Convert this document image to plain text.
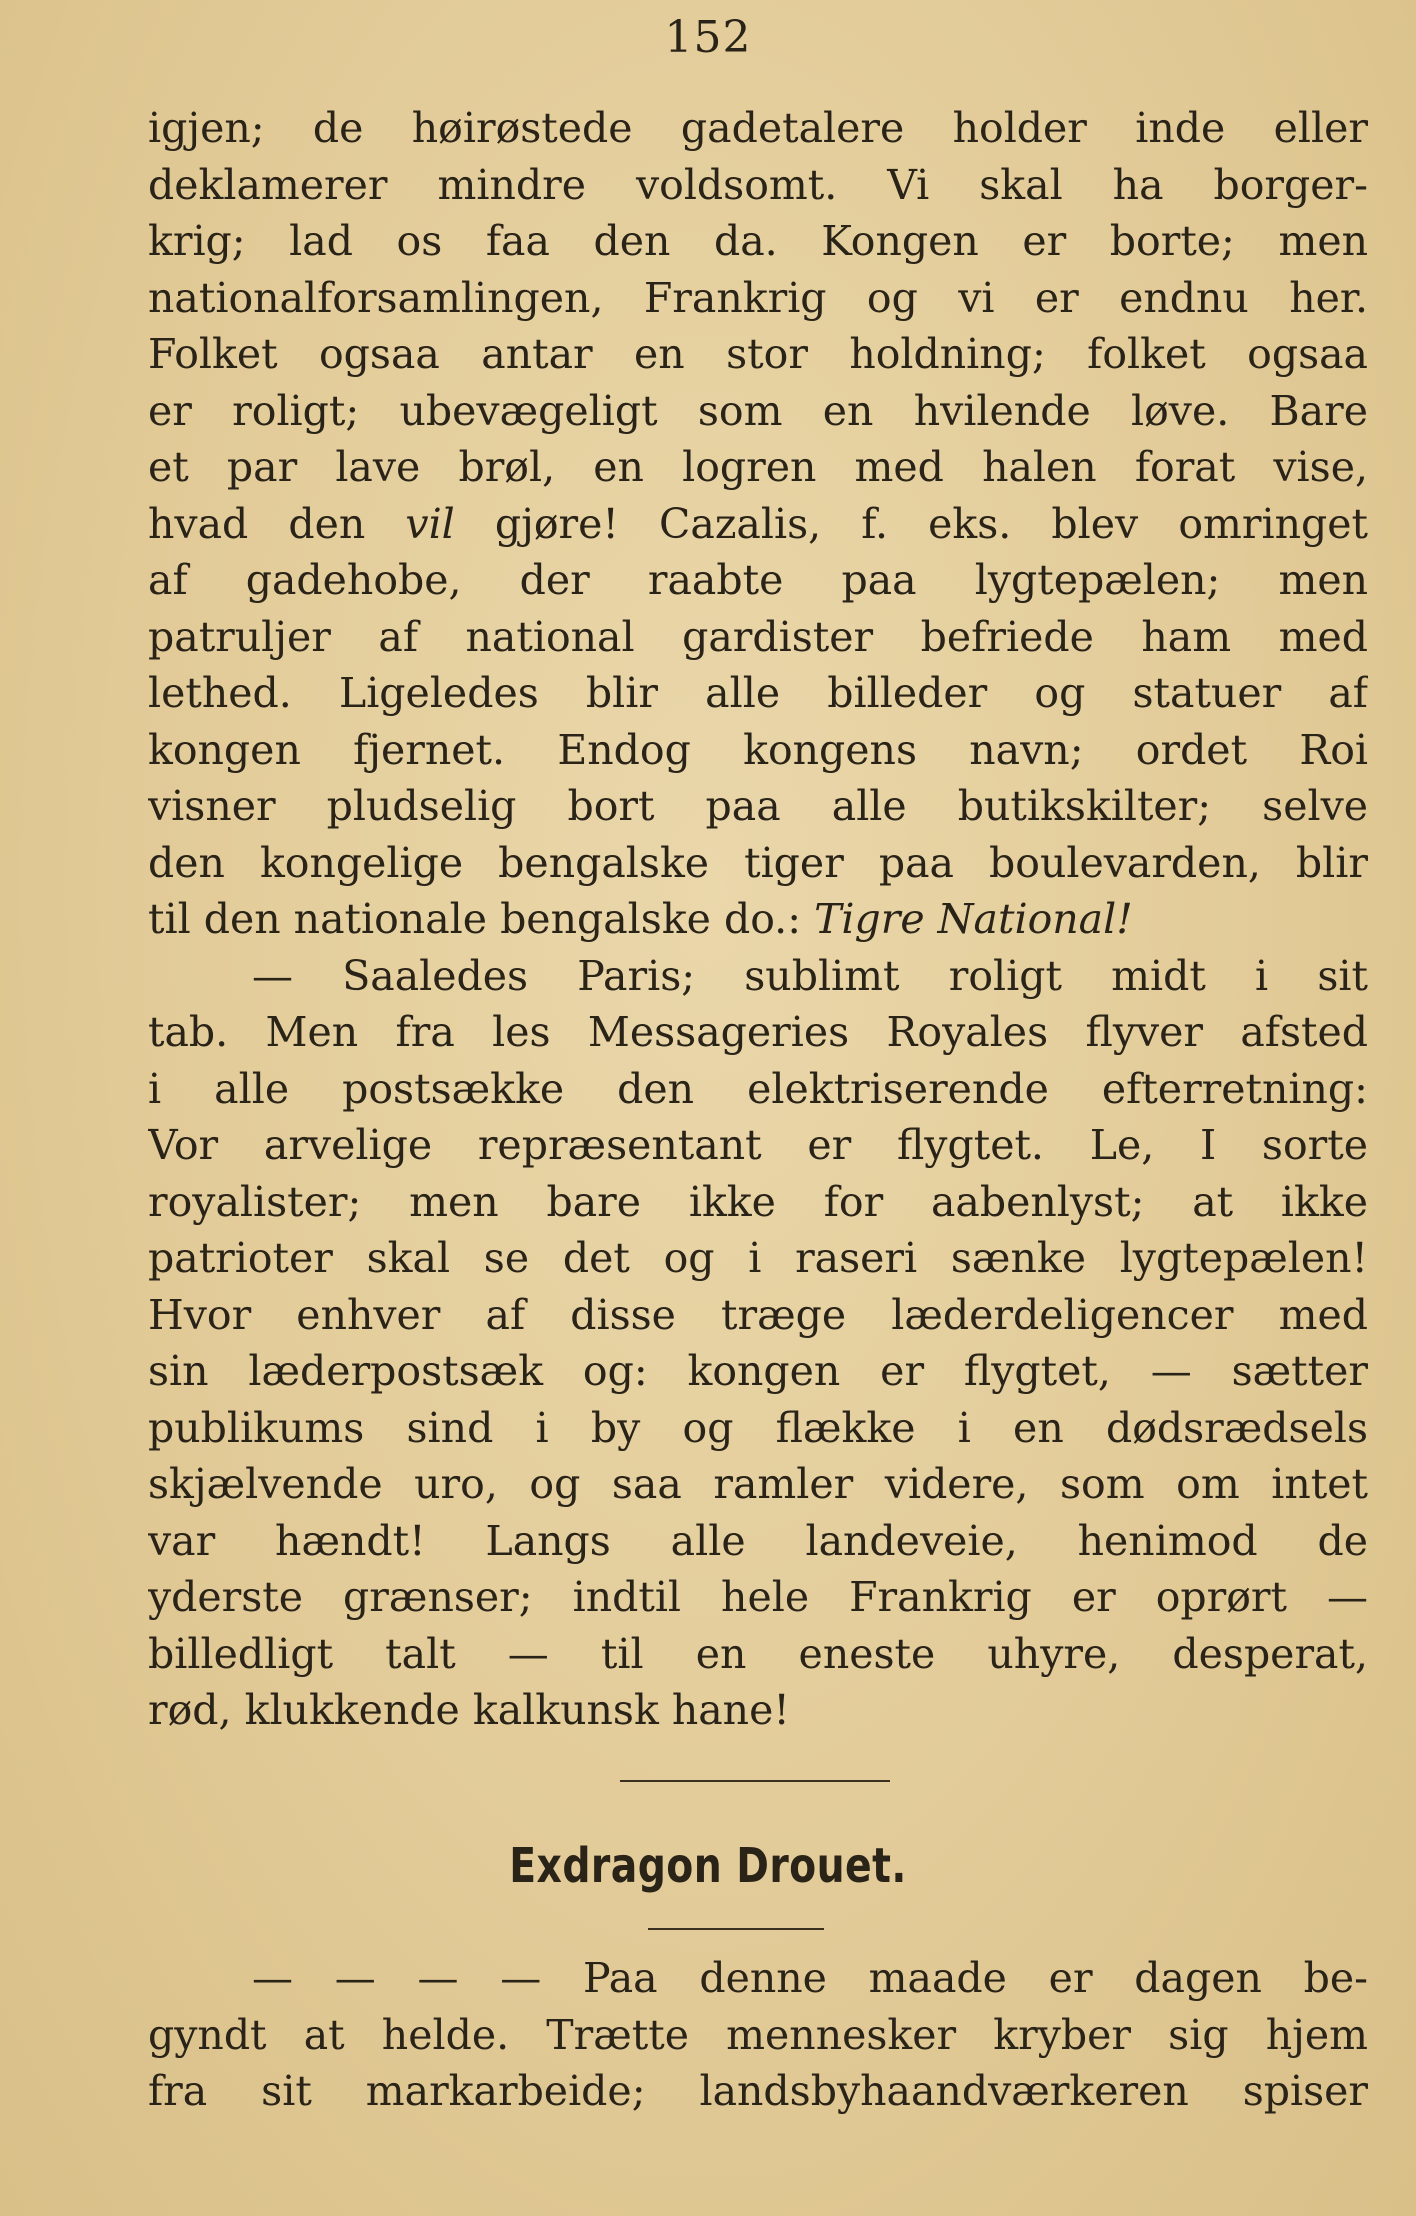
152
igjen; de høirøstede gadetalere holder inde eller
deklamerer mindre voldsomt. Vi skal ha borger-
krig; lad os faa den da. Kongen er borte; men
nationalforsamlingen, Frankrig og vi er endnu her.
Folket ogsaa antar en stor holdning; folket ogsaa
er roligt; ubevægeligt som en hvilende løve. Bare
et par lave brøl, en logren med halen forat vise,
hvad den vil gjøre! Cazalis, f. eks. blev omringet
af gadehobe, der raabte paa lygtepælen; men
patruljer af national gardister befriede ham med
lethed. Ligeledes blir alle billeder og statuer af
kongen fjernet. Endog kongens navn; ordet Roi
visner pludselig bort paa alle butikskilter; selve
den kongelige bengalske tiger paa boulevarden, blir
til den nationale bengalske do.: Tigre National!
— Saaledes Paris; sublimt roligt midt i sit
tab. Men fra les Messageries Royales flyver afsted
i alle postsække den elektriserende efterretning:
Vor arvelige repræsentant er flygtet. Le, I sorte
royalister; men bare ikke for aabenlyst; at ikke
patrioter skal se det og i raseri sænke lygtepælen!
Hvor enhver af disse træge læderdeligencer med
sin læderpostsæk og: kongen er flygtet, — sætter
publikums sind i by og flække i en dødsrædsels
skjælvende uro, og saa ramler videre, som om intet
var hændt! Langs alle landeveie, henimod de
yderste grænser; indtil hele Frankrig er oprørt —
billedligt talt — til en eneste uhyre, desperat,
rød, klukkende kalkunsk hane!
Exdragon Drouet.
— — — — Paa denne maade er dagen be-
gyndt at helde. Trætte mennesker kryber sig hjem
fra sit markarbeide; landsbyhaandværkeren spiser
